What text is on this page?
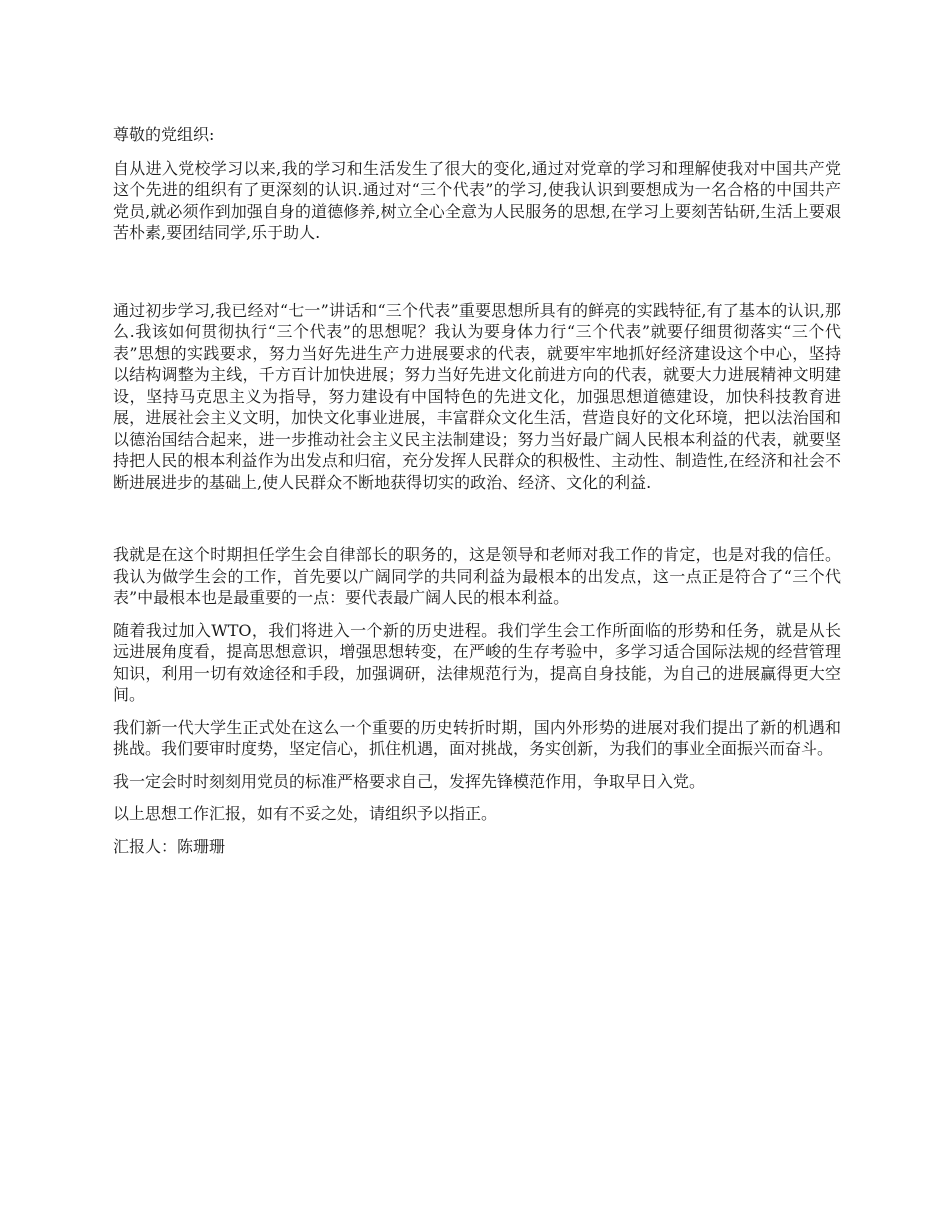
尊敬的党组织:

自从进入党校学习以来,我的学习和生活发生了很大的变化,通过对党章的学习和理解使我对中国共产党这个先进的组织有了更深刻的认识.通过对“三个代表”的学习,使我认识到要想成为一名合格的中国共产党员,就必须作到加强自身的道德修养,树立全心全意为人民服务的思想,在学习上要刻苦钻研,生活上要艰苦朴素,要团结同学,乐于助人.

通过初步学习,我已经对“七一”讲话和“三个代表”重要思想所具有的鲜亮的实践特征,有了基本的认识,那么.我该如何贯彻执行“三个代表”的思想呢？我认为要身体力行“三个代表”就要仔细贯彻落实“三个代表”思想的实践要求，努力当好先进生产力进展要求的代表，就要牢牢地抓好经济建设这个中心，坚持以结构调整为主线，千方百计加快进展；努力当好先进文化前进方向的代表，就要大力进展精神文明建设，坚持马克思主义为指导，努力建设有中国特色的先进文化，加强思想道德建设，加快科技教育进展，进展社会主义文明，加快文化事业进展，丰富群众文化生活，营造良好的文化环境，把以法治国和以德治国结合起来，进一步推动社会主义民主法制建设；努力当好最广阔人民根本利益的代表，就要坚持把人民的根本利益作为出发点和归宿，充分发挥人民群众的积极性、主动性、制造性,在经济和社会不断进展进步的基础上,使人民群众不断地获得切实的政治、经济、文化的利益.

我就是在这个时期担任学生会自律部长的职务的，这是领导和老师对我工作的肯定，也是对我的信任。我认为做学生会的工作，首先要以广阔同学的共同利益为最根本的出发点，这一点正是符合了“三个代表”中最根本也是最重要的一点：要代表最广阔人民的根本利益。

随着我过加入WTO，我们将进入一个新的历史进程。我们学生会工作所面临的形势和任务，就是从长远进展角度看，提高思想意识，增强思想转变，在严峻的生存考验中，多学习适合国际法规的经营管理知识，利用一切有效途径和手段，加强调研，法律规范行为，提高自身技能，为自己的进展赢得更大空间。

我们新一代大学生正式处在这么一个重要的历史转折时期，国内外形势的进展对我们提出了新的机遇和挑战。我们要审时度势，坚定信心，抓住机遇，面对挑战，务实创新，为我们的事业全面振兴而奋斗。

我一定会时时刻刻用党员的标准严格要求自己，发挥先锋模范作用，争取早日入党。

以上思想工作汇报，如有不妥之处，请组织予以指正。

汇报人：陈珊珊
